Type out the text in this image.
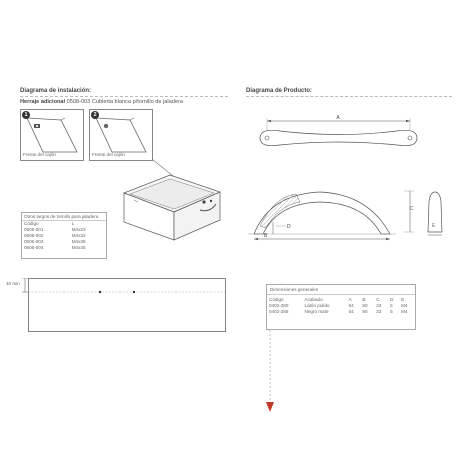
Diagrama de instalación:
Herraje adicional 0508-003 Cubierta blanca p/tornillo de jaladera
1
Frente del cajón
2
Frente del cajón
Otros largos de tornillo para jaladera
Código	L
0506-001	M4x22
0506-002	M4x32
0506-003	M4x38
0506-004	M4x45
40 min
Diagrama de Producto:
A
B
D
C
E
Dimensiones generales
Código	Acabado	A	B	C	D	E
0402-280	Latón pulido	64	80	23	5	M4
0402-285	Negro mate	64	80	23	5	M4
